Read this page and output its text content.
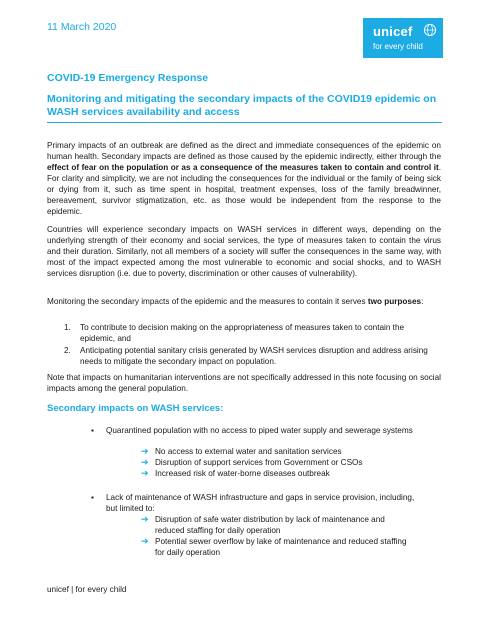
11 March 2020	unicef
for every child
COVID-19 Emergency Response
Monitoring and mitigating the secondary impacts of the COVID19 epidemic on WASH services availability and access
Primary impacts of an outbreak are defined as the direct and immediate consequences of the epidemic on human health. Secondary impacts are defined as those caused by the epidemic indirectly, either through the effect of fear on the population or as a consequence of the measures taken to contain and control it. For clarity and simplicity, we are not including the consequences for the individual or the family of being sick or dying from it, such as time spent in hospital, treatment expenses, loss of the family breadwinner, bereavement, survivor stigmatization, etc. as those would be independent from the response to the epidemic.
Countries will experience secondary impacts on WASH services in different ways, depending on the underlying strength of their economy and social services, the type of measures taken to contain the virus and their duration. Similarly, not all members of a society will suffer the consequences in the same way, with most of the impact expected among the most vulnerable to economic and social shocks, and to WASH services disruption (i.e. due to poverty, discrimination or other causes of vulnerability).
Monitoring the secondary impacts of the epidemic and the measures to contain it serves two purposes:
1. To contribute to decision making on the appropriateness of measures taken to contain the epidemic, and
2. Anticipating potential sanitary crisis generated by WASH services disruption and address arising needs to mitigate the secondary impact on population.
Note that impacts on humanitarian interventions are not specifically addressed in this note focusing on social impacts among the general population.
Secondary impacts on WASH services:
▪ Quarantined population with no access to piped water supply and sewerage systems
➔ No access to external water and sanitation services
➔ Disruption of support services from Government or CSOs
➔ Increased risk of water-borne diseases outbreak
▪ Lack of maintenance of WASH infrastructure and gaps in service provision, including, but limited to:
➔ Disruption of safe water distribution by lack of maintenance and reduced staffing for daily operation
➔ Potential sewer overflow by lake of maintenance and reduced staffing for daily operation
unicef | for every child
